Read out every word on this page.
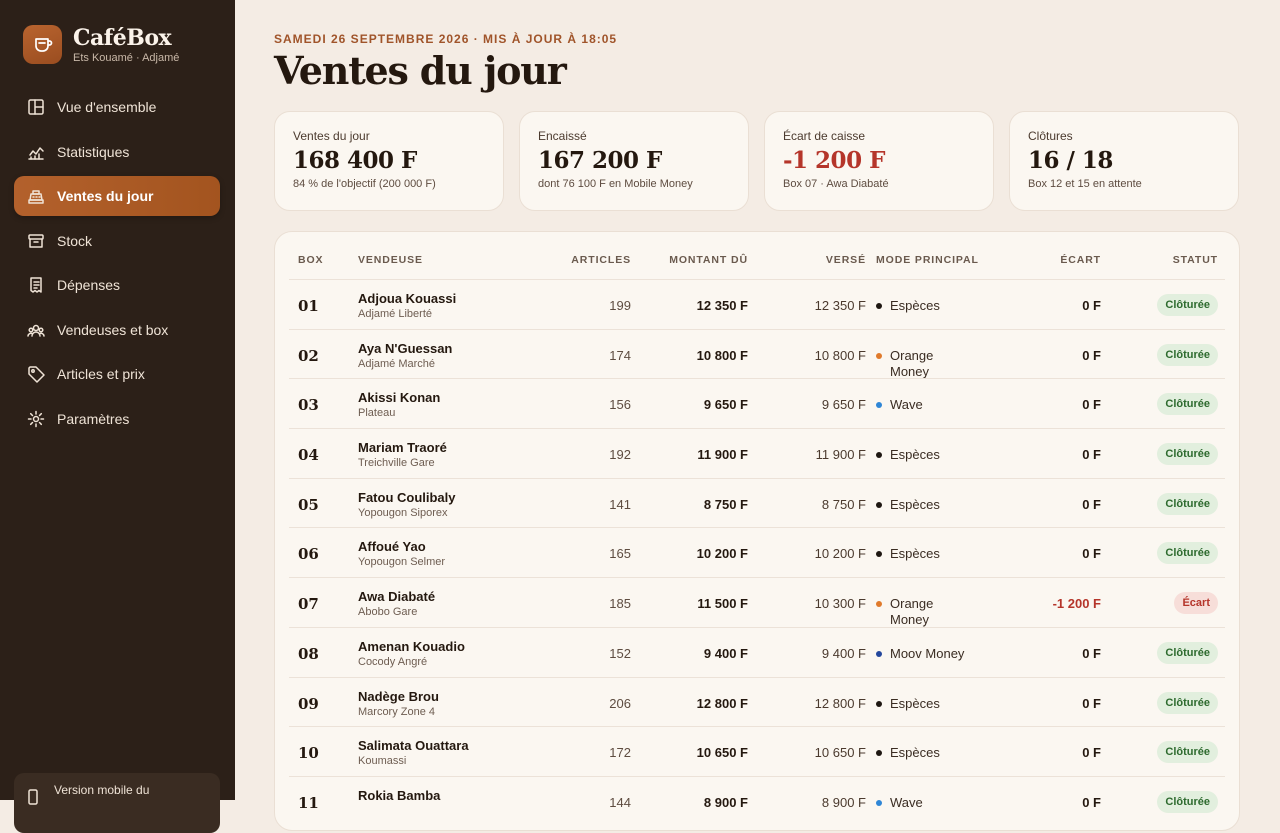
CaféBox
Ets Kouamé · Adjamé
Vue d'ensemble
Statistiques
Ventes du jour
Stock
Dépenses
Vendeuses et box
Articles et prix
Paramètres
Version mobile du
SAMEDI 26 SEPTEMBRE 2026 · MIS À JOUR À 18:05
Ventes du jour
Ventes du jour
168 400 F
84 % de l'objectif (200 000 F)
Encaissé
167 200 F
dont 76 100 F en Mobile Money
Écart de caisse
-1 200 F
Box 07 · Awa Diabaté
Clôtures
16 / 18
Box 12 et 15 en attente
BOX	VENDEUSE	ARTICLES	MONTANT DÛ	VERSÉ MODE PRINCIPAL	ÉCART	STATUT
01	Adjoua Kouassi
Adjamé Liberté
199	12 350 F	12 350 F Espèces	0 F	Clôturée
02	Aya N'Guessan
Adjamé Marché
174	10 800 F	10 800 F Orange Money
0 F	Clôturée
03	Akissi Konan
Plateau
156	9 650 F	9 650 F Wave	0 F	Clôturée
04	Mariam Traoré
Treichville Gare
192	11 900 F	11 900 F Espèces	0 F	Clôturée
05	Fatou Coulibaly
Yopougon Siporex
141	8 750 F	8 750 F Espèces	0 F	Clôturée
06	Affoué Yao
Yopougon Selmer
165	10 200 F	10 200 F Espèces	0 F	Clôturée
07	Awa Diabaté
Abobo Gare
185	11 500 F	10 300 F Orange Money
-1 200 F	Écart
08	Amenan Kouadio
Cocody Angré
152	9 400 F	9 400 F Moov Money	0 F	Clôturée
09	Nadège Brou
Marcory Zone 4
206	12 800 F	12 800 F Espèces	0 F	Clôturée
10	Salimata Ouattara
Koumassi
172	10 650 F	10 650 F Espèces	0 F	Clôturée
11	Rokia Bamba	144	8 900 F	8 900 F Wave	0 F	Clôturée
